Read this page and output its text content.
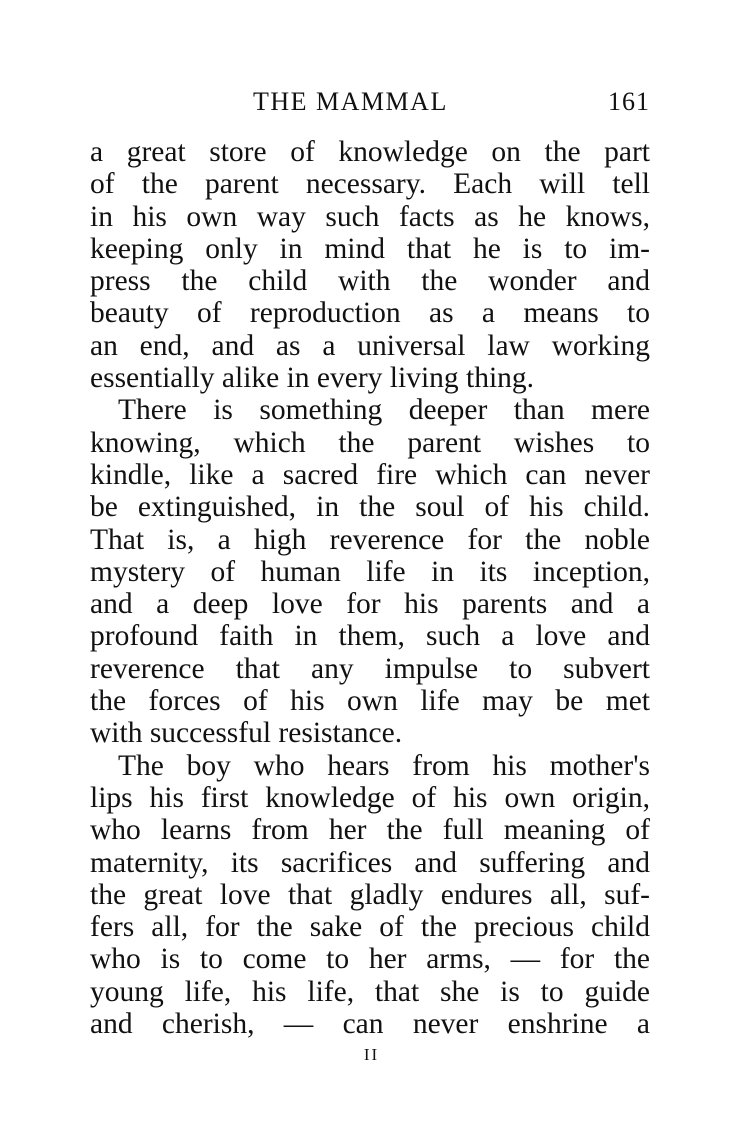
THE MAMMAL	161
a great store of knowledge on the part
of the parent necessary. Each will tell
in his own way such facts as he knows,
keeping only in mind that he is to im-
press the child with the wonder and
beauty of reproduction as a means to
an end, and as a universal law working
essentially alike in every living thing.
There is something deeper than mere
knowing, which the parent wishes to
kindle, like a sacred fire which can never
be extinguished, in the soul of his child.
That is, a high reverence for the noble
mystery of human life in its inception,
and a deep love for his parents and a
profound faith in them, such a love and
reverence that any impulse to subvert
the forces of his own life may be met
with successful resistance.
The boy who hears from his mother's
lips his first knowledge of his own origin,
who learns from her the full meaning of
maternity, its sacrifices and suffering and
the great love that gladly endures all, suf-
fers all, for the sake of the precious child
who is to come to her arms, — for the
young life, his life, that she is to guide
and cherish, — can never enshrine a
II
